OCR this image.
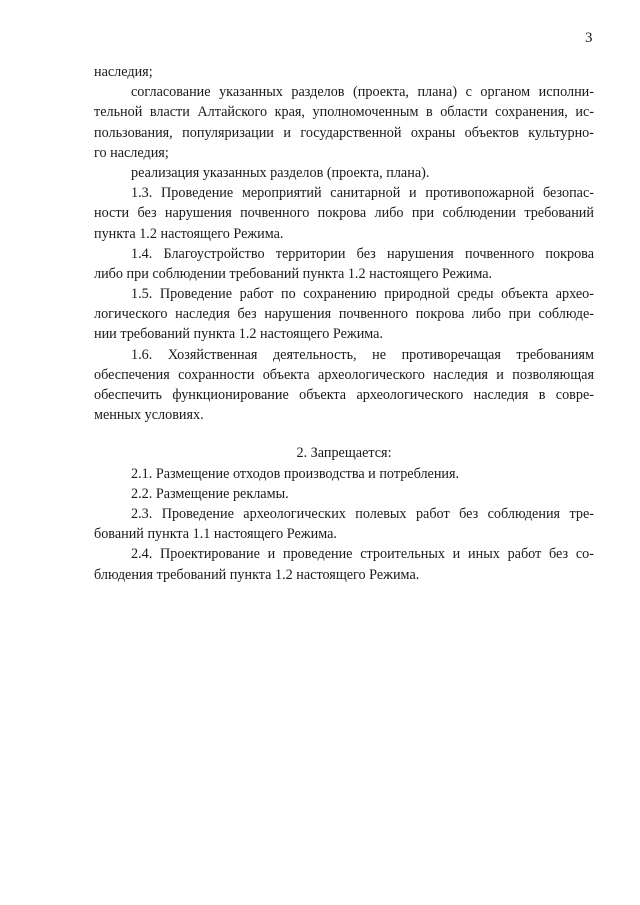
3
наследия;
согласование указанных разделов (проекта, плана) с органом исполни-
тельной власти Алтайского края, уполномоченным в области сохранения, ис-
пользования, популяризации и государственной охраны объектов культурно-
го наследия;
реализация указанных разделов (проекта, плана).
1.3. Проведение мероприятий санитарной и противопожарной безопас-
ности без нарушения почвенного покрова либо при соблюдении требований
пункта 1.2 настоящего Режима.
1.4. Благоустройство территории без нарушения почвенного покрова
либо при соблюдении требований пункта 1.2 настоящего Режима.
1.5. Проведение работ по сохранению природной среды объекта архео-
логического наследия без нарушения почвенного покрова либо при соблюде-
нии требований пункта 1.2 настоящего Режима.
1.6. Хозяйственная деятельность, не противоречащая требованиям
обеспечения сохранности объекта археологического наследия и позволяющая
обеспечить функционирование объекта археологического наследия в совре-
менных условиях.
2. Запрещается:
2.1. Размещение отходов производства и потребления.
2.2. Размещение рекламы.
2.3. Проведение археологических полевых работ без соблюдения тре-
бований пункта 1.1 настоящего Режима.
2.4. Проектирование и проведение строительных и иных работ без со-
блюдения требований пункта 1.2 настоящего Режима.
